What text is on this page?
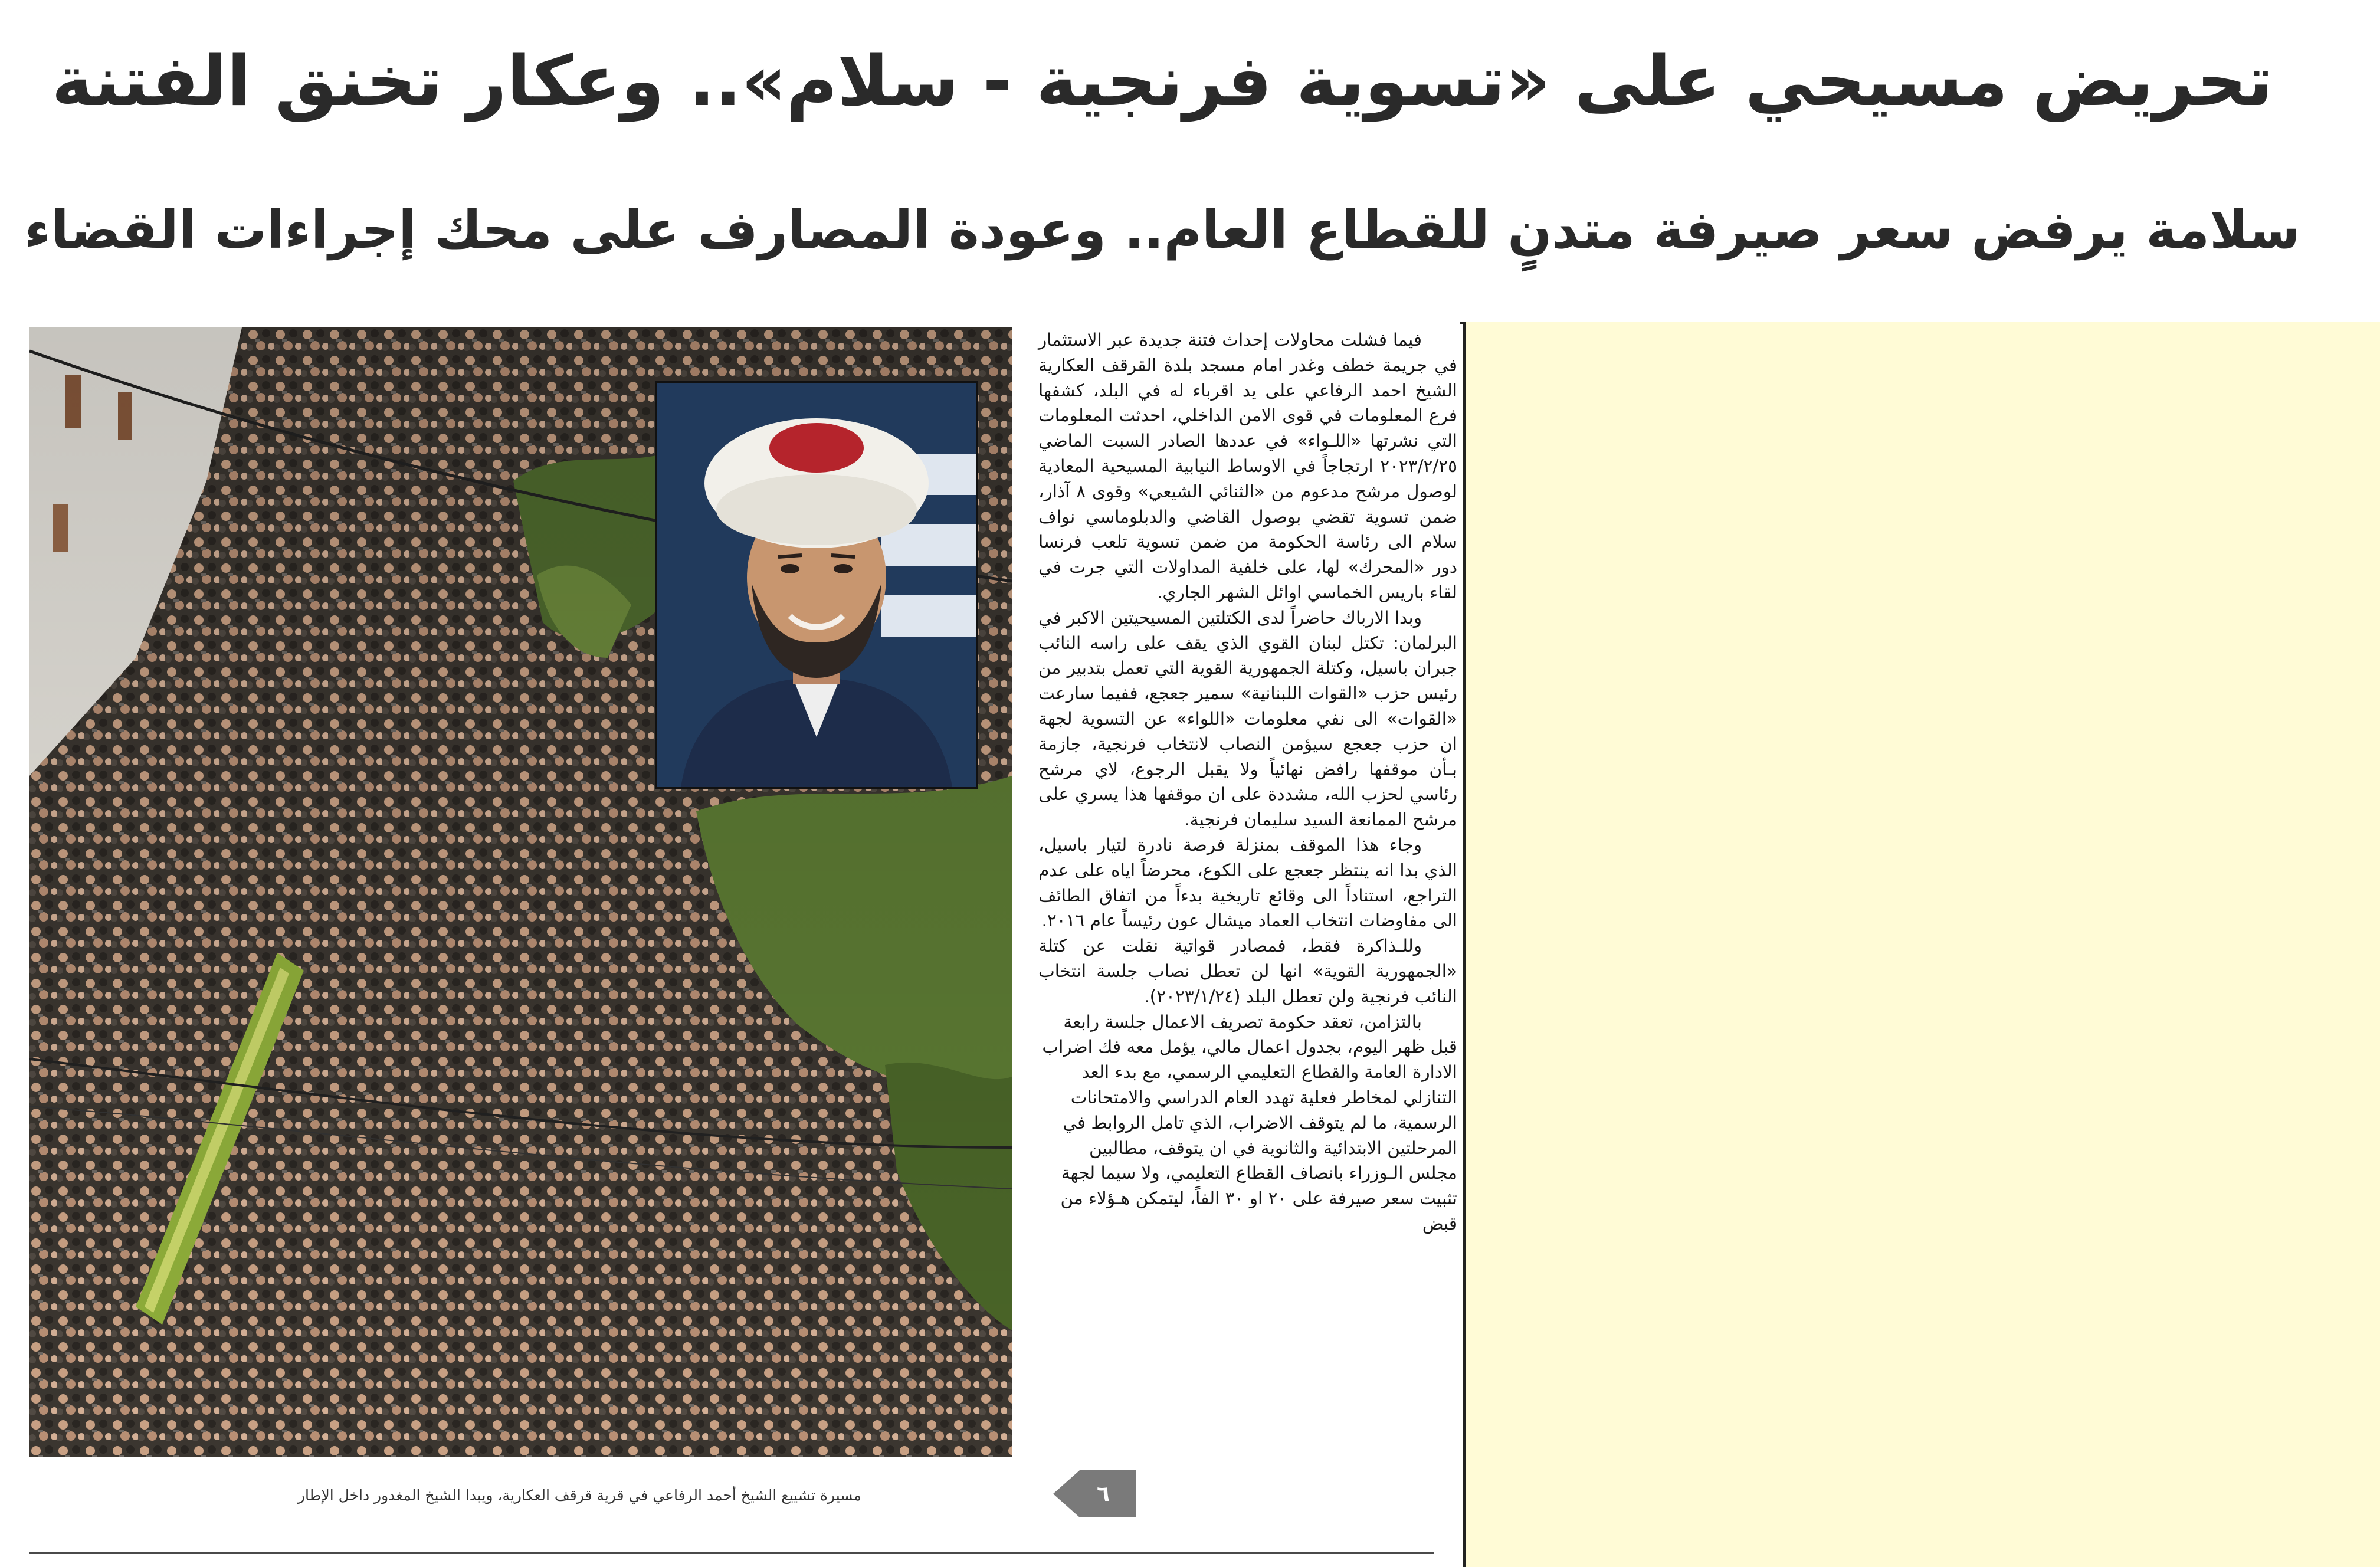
تحريض مسيحي على «تسوية فرنجية - سلام».. وعكار تخنق الفتنة
سلامة يرفض سعر صيرفة متدنٍ للقطاع العام.. وعودة المصارف على محك إجراءات القضاء
مسيرة تشييع الشيخ أحمد الرفاعي في قرية قرقف العكارية، ويبدا الشيخ المغدور داخل الإطار

فيما فشلت محاولات إحداث فتنة جديدة عبر الاستثمار في جريمة خطف وغدر امام مسجد بلدة القرقف العكارية الشيخ احمد الرفاعي على يد اقرباء له في البلد، كشفها فرع المعلومات في قوى الامن الداخلي، احدثت المعلومات التي نشرتها «اللـواء» في عددها الصادر السبت الماضي ٢٠٢٣/٢/٢٥ ارتجاجاً في الاوساط النيابية المسيحية المعادية لوصول مرشح مدعوم من «الثنائي الشيعي» وقوى ٨ آذار، ضمن تسوية تقضي بوصول القاضي والدبلوماسي نواف سلام الى رئاسة الحكومة من ضمن تسوية تلعب فرنسا دور «المحرك» لها، على خلفية المداولات التي جرت في لقاء باريس الخماسي اوائل الشهر الجاري.

وبدا الارباك حاضراً لدى الكتلتين المسيحيتين الاكبر في البرلمان: تكتل لبنان القوي الذي يقف على راسه النائب جبران باسيل، وكتلة الجمهورية القوية التي تعمل بتدبير من رئيس حزب «القوات اللبنانية» سمير جعجع، ففيما سارعت «القوات» الى نفي معلومات «اللواء» عن التسوية لجهة ان حزب جعجع سيؤمن النصاب لانتخاب فرنجية، جازمة بـأن موقفها رافض نهائياً ولا يقبل الرجوع، لاي مرشح رئاسي لحزب الله، مشددة على ان موقفها هذا يسري على مرشح الممانعة السيد سليمان فرنجية.

وجاء هذا الموقف بمنزلة فرصة نادرة لتيار باسيل، الذي بدا انه ينتظر جعجع على الكوع، محرضاً اياه على عدم التراجع، استناداً الى وقائع تاريخية بدءاً من اتفاق الطائف الى مفاوضات انتخاب العماد ميشال عون رئيساً عام ٢٠١٦.

وللـذاكرة فقط، فمصادر قواتية نقلت عن كتلة «الجمهورية القوية» انها لن تعطل نصاب جلسة انتخاب النائب فرنجية ولن تعطل البلد (٢٠٢٣/١/٢٤).

بالتزامن، تعقد حكومة تصريف الاعمال جلسة رابعة قبل ظهر اليوم، بجدول اعمال مالي، يؤمل معه فك اضراب الادارة العامة والقطاع التعليمي الرسمي، مع بدء العد التنازلي لمخاطر فعلية تهدد العام الدراسي والامتحانات الرسمية، ما لم يتوقف الاضراب، الذي تامل الروابط في المرحلتين الابتدائية والثانوية في ان يتوقف، مطالبين مجلس الـوزراء بانصاف القطاع التعليمي، ولا سيما لجهة تثبيت سعر صيرفة على ٢٠ او ٣٠ الفاً، ليتمكن هـؤلاء من قبض

٦
